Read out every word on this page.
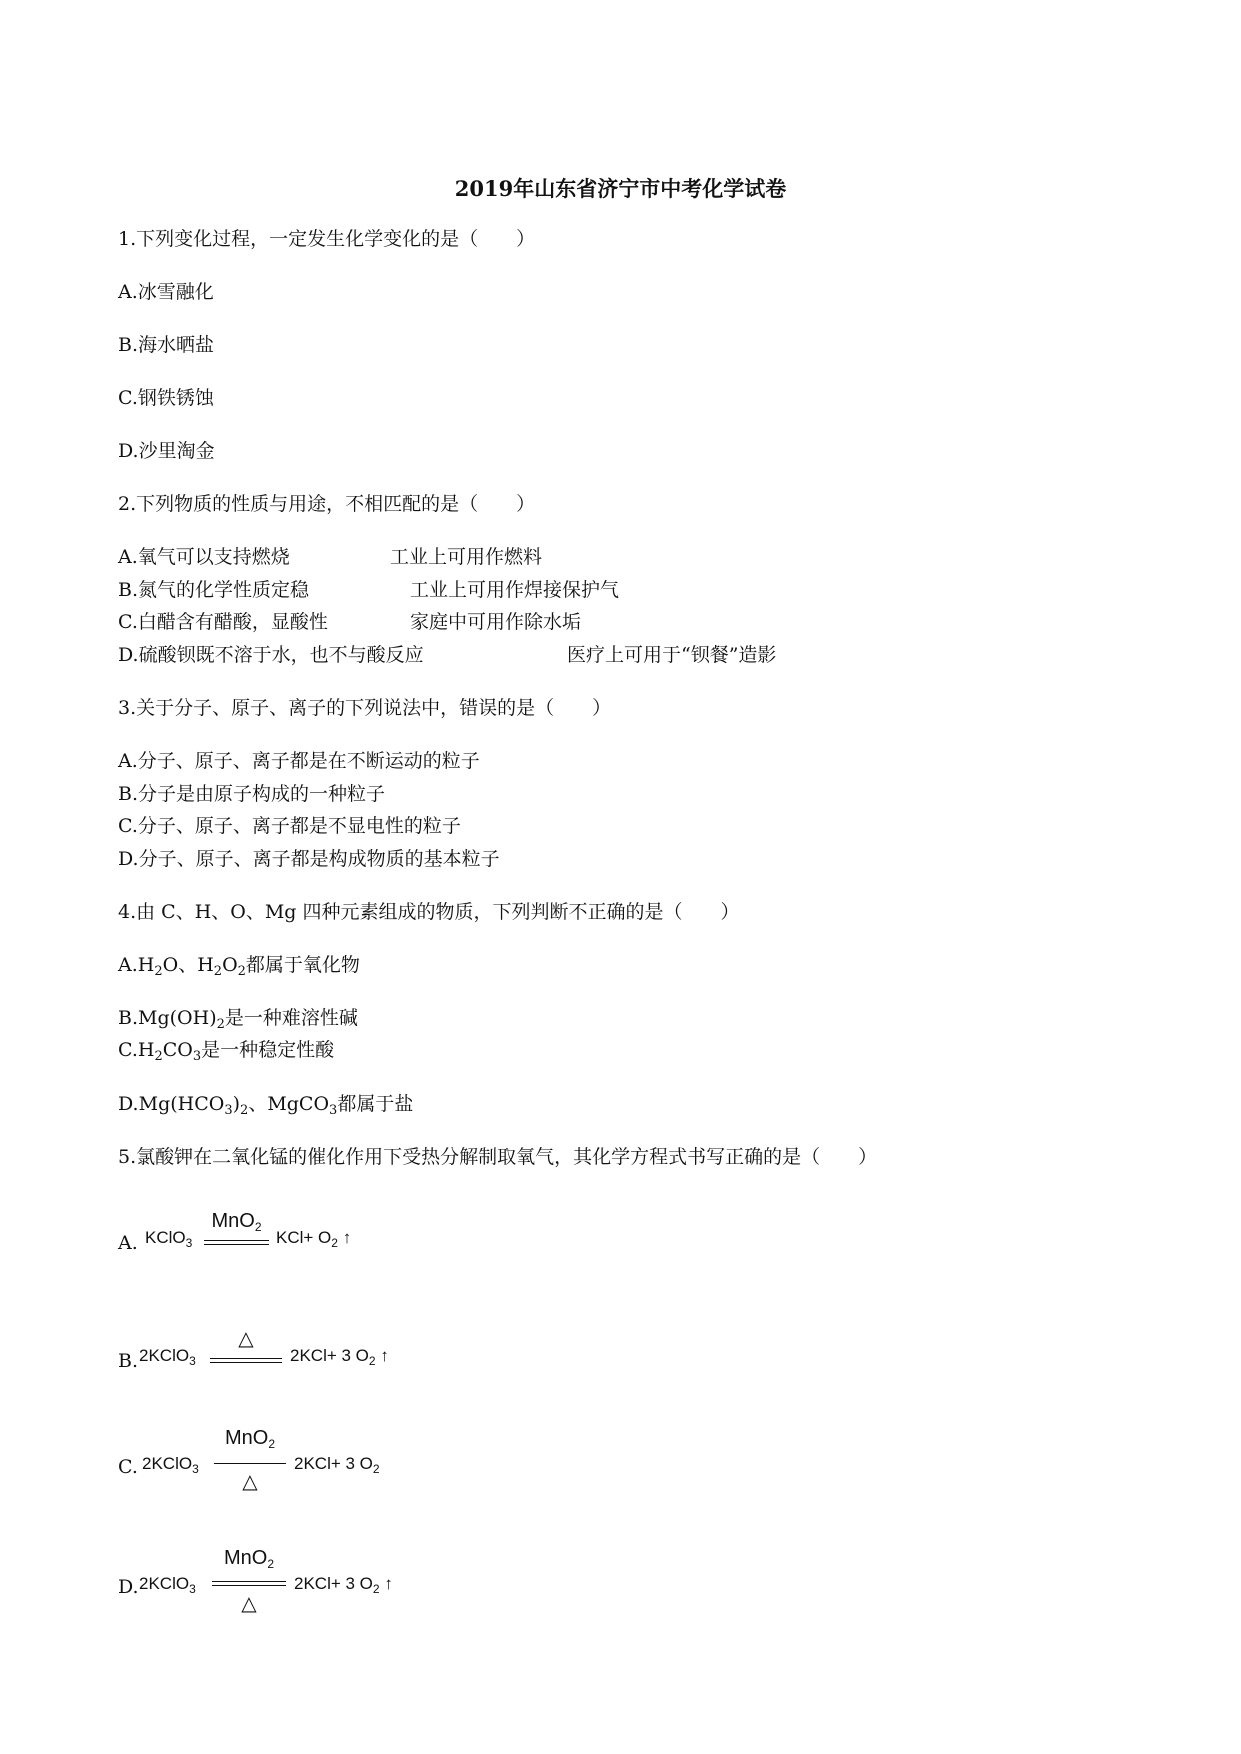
2019年山东省济宁市中考化学试卷
1.下列变化过程，一定发生化学变化的是（　　）
A.冰雪融化
B.海水晒盐
C.钢铁锈蚀
D.沙里淘金
2.下列物质的性质与用途，不相匹配的是（　　）
A.氧气可以支持燃烧	工业上可用作燃料
B.氮气的化学性质定稳	工业上可用作焊接保护气
C.白醋含有醋酸，显酸性	家庭中可用作除水垢
D.硫酸钡既不溶于水，也不与酸反应	医疗上可用于“钡餐”造影
3.关于分子、原子、离子的下列说法中，错误的是（　　）
A.分子、原子、离子都是在不断运动的粒子
B.分子是由原子构成的一种粒子
C.分子、原子、离子都是不显电性的粒子
D.分子、原子、离子都是构成物质的基本粒子
4.由 C、H、O、Mg 四种元素组成的物质，下列判断不正确的是（　　）
$A.H_2O$、$H_2O_2$都属于氧化物
$B.Mg(OH)_2$是一种难溶性碱
$C.H_2CO_3$是一种稳定性酸
$D.Mg(HCO_3)_2$、MgCO$_3$都属于盐
5.氯酸钾在二氧化锰的催化作用下受热分解制取氧气，其化学方程式书写正确的是（　　）
A. KClO$_3$
MnO$_2$
$KCl+ O_2$ ↑
B. 2KClO$_3$
△
2KCl+ 3 $O_2$ ↑
C. 2KClO$_3$
MnO$_2$
△
2KCl+ 3 $O_2$
D. 2KClO$_3$
MnO$_2$
△
2KCl+ 3 $O_2$ ↑
